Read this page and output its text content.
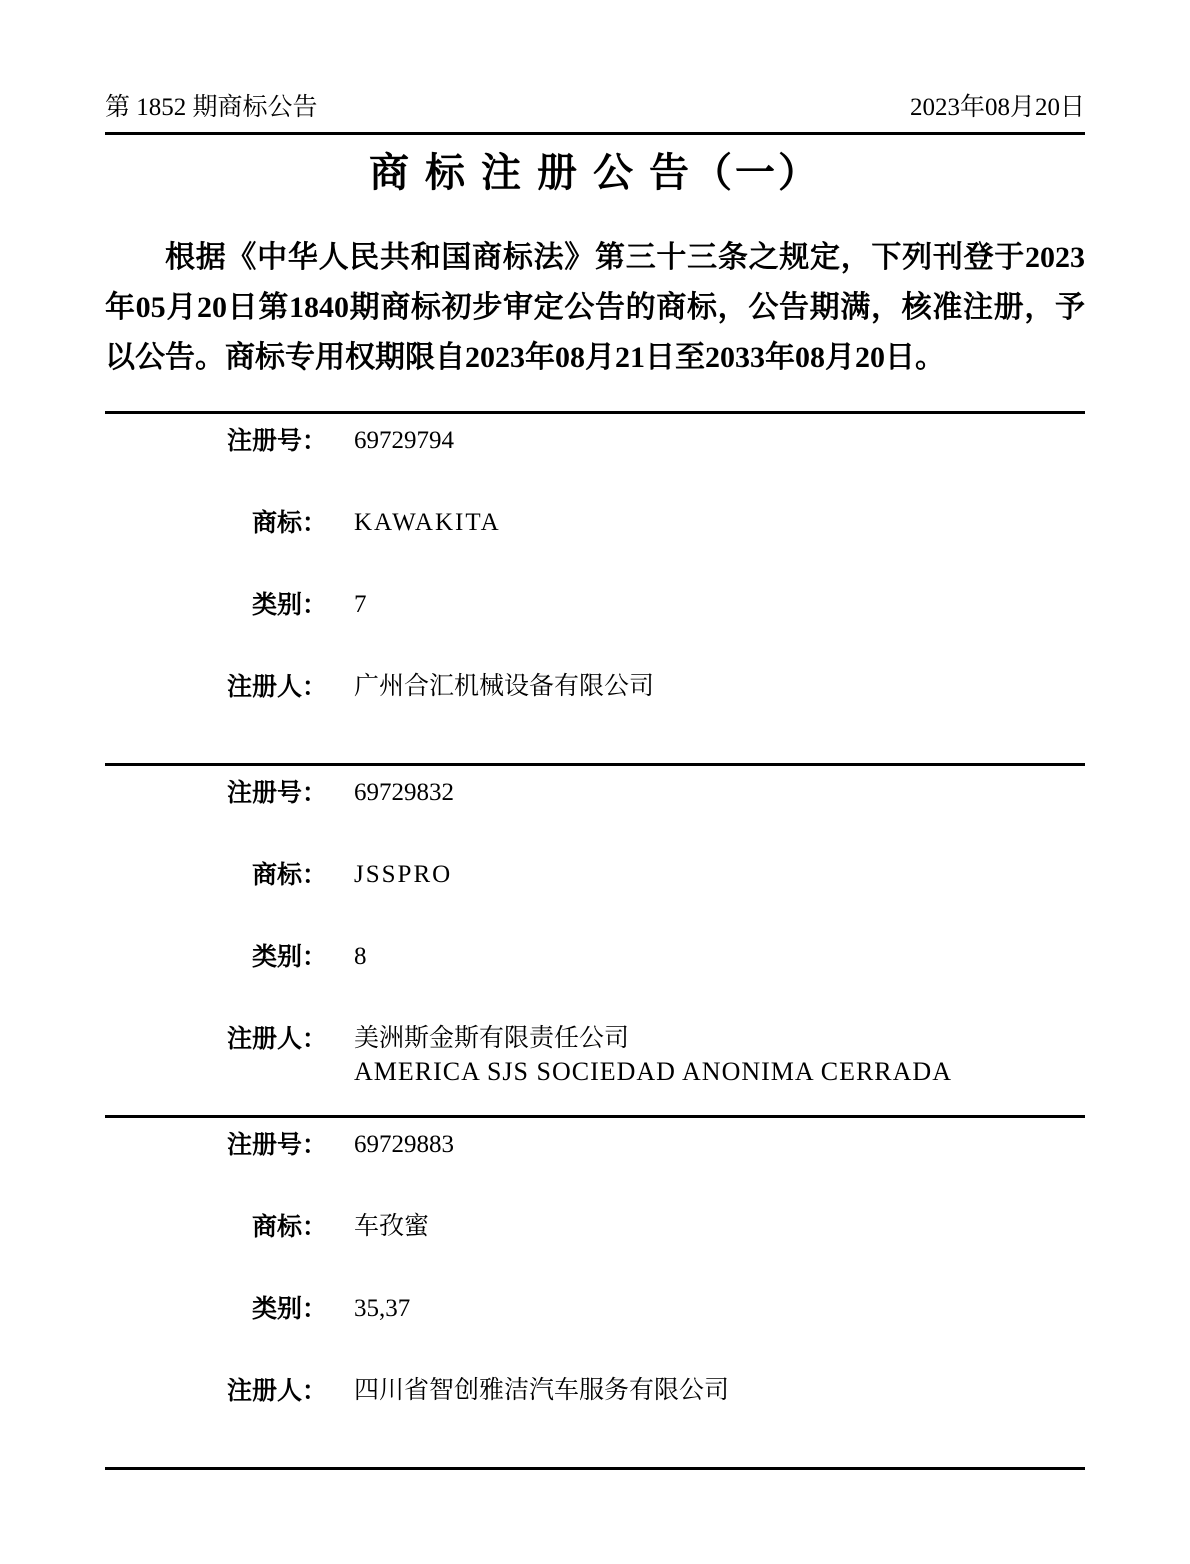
第 1852 期商标公告	2023年08月20日
商 标 注 册 公 告（一）
根据《中华人民共和国商标法》第三十三条之规定，下列刊登于2023年05月20日第1840期商标初步审定公告的商标，公告期满，核准注册，予以公告。商标专用权期限自2023年08月21日至2033年08月20日。
注册号： 69729794
商标： KAWAKITA
类别： 7
注册人： 广州合汇机械设备有限公司
注册号： 69729832
商标： JSSPRO
类别： 8
注册人： 美洲斯金斯有限责任公司
AMERICA SJS SOCIEDAD ANONIMA CERRADA
注册号： 69729883
商标： 车孜蜜
类别： 35,37
注册人： 四川省智创雅洁汽车服务有限公司
